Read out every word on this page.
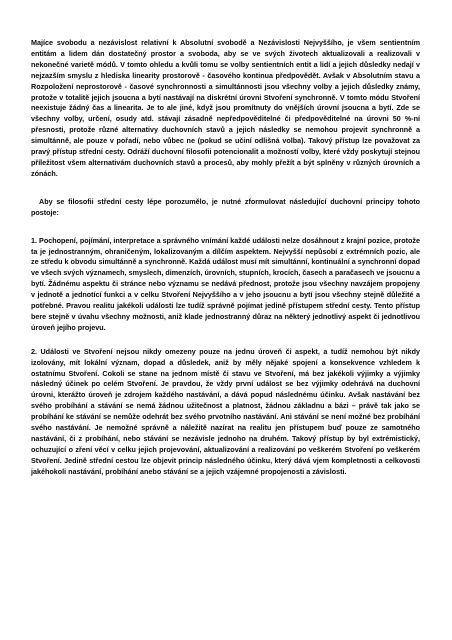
Majíce svobodu a nezávislost relativní k Absolutní svobodě a Nezávislosti Nejvyššího, je všem sentientním entitám a lidem dán dostatečný prostor a svoboda, aby se ve svých životech aktualizovali a realizovali v nekonečné varietě módů. V tomto ohledu a kvůli tomu se volby sentientních entit a lidí a jejich důsledky nedají v nejzazším smyslu z hlediska linearity prostorově - časového kontinua předpovědět. Avšak v Absolutním stavu a Rozpoložení neprostorově - časové synchronnosti a simultánnosti jsou všechny volby a jejich důsledky známy, protože v totalitě jejich jsoucna a bytí nastávají na diskrétní úrovni Stvoření synchronně. V tomto módu Stvoření neexistuje žádný čas a linearita. Je to ale jiné, když jsou promítnuty do vnějších úrovní jsoucna a bytí. Zde se všechny volby, určení, osudy atd. stávají zásadně nepředpověditelné či předpověditelné na úrovni 50 %-ní přesnosti, protože různé alternativy duchovních stavů a jejich následky se nemohou projevit synchronně a simultánně, ale pouze v pořadí, nebo vůbec ne (pokud se učiní odlišná volba). Takový přístup lze považovat za pravý přístup střední cesty. Odráží duchovní filosofii potencionalit a možností volby, které vždy poskytují stejnou příležitost všem alternativám duchovních stavů a procesů, aby mohly přežít a být splněny v různých úrovních a zónách.

Aby se filosofii střední cesty lépe porozumělo, je nutné zformulovat následující duchovní principy tohoto postoje:

1. Pochopení, pojímání, interpretace a správného vnímání každé události nelze dosáhnout z krajní pozice, protože ta je jednostranným, ohraničeným, lokalizovaným a dílčím aspektem. Nejvyšší nepůsobí z extrémních pozic, ale ze středu k obvodu simultánně a synchronně. Každá událost musí mít simultánní, kontinuální a synchronní dopad ve všech svých významech, smyslech, dimenzích, úrovních, stupních, krocích, časech a paračasech ve jsoucnu a bytí. Žádnému aspektu či stránce nebo významu se nedává přednost, protože jsou všechny navzájem propojeny v jednotě a jednotící funkci a v celku Stvoření Nejvyššího a v jeho jsoucnu a bytí jsou všechny stejně důležité a potřebné. Pravou realitu jakékoli události lze tudíž správně pojímat jedině přístupem střední cesty. Tento přístup bere stejně v úvahu všechny možnosti, aniž klade jednostranný důraz na některý jednotlivý aspekt či jednotlivou úroveň jejího projevu.

2. Události ve Stvoření nejsou nikdy omezeny pouze na jednu úroveň či aspekt, a tudíž nemohou být nikdy izolovány, mít lokální význam, dopad a důsledek, aniž by měly nějaké spojení a konsekvence vzhledem k ostatnímu Stvoření. Cokoli se stane na jednom místě či stavu ve Stvoření, má bez jakékoli výjimky a výjimky následný účinek po celém Stvoření. Je pravdou, že vždy první událost se bez výjimky odehrává na duchovní úrovni, kterážto úroveň je zdrojem každého nastávání, a dává popud následnému účinku. Avšak nastávání bez svého probíhání a stávání se nemá žádnou užitečnost a platnost, žádnou základnu a bázi – právě tak jako se probíhání ke stávání se nemůže odehrát bez svého prvotního nastávání. Ani stávání se není možné bez probíhání svého nastávání. Je nemožné správně a náležitě nazírat na realitu jen přístupem buď pouze ze samotného nastávání, či z probíhání, nebo stávání se nezávisle jednoho na druhém. Takový přístup by byl extrémistický, ochuzující o zření věcí v celku jejich projevování, aktualizování a realizování po veškerém Stvoření po veškerém Stvoření. Jedině střední cestou lze objevit princip následného účinku, který dává vjem kompletnosti a celkovosti jakéhokoli nastávání, probíhání anebo stávání se a jejich vzájemné propojenosti a závislosti.
